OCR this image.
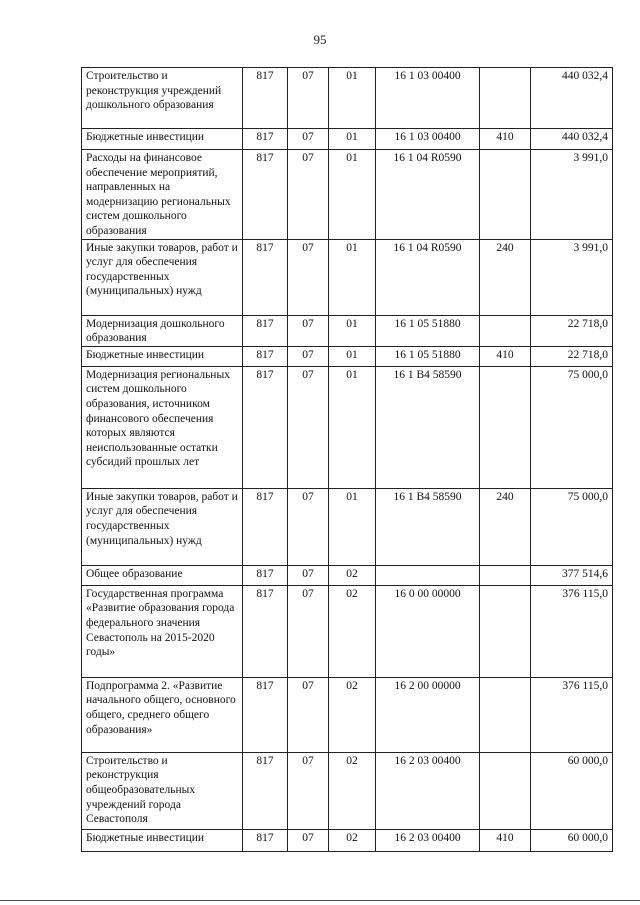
95
Строительство и реконструкция учреждений дошкольного образования	817	07	01	16 1 03 00400		440 032,4
Бюджетные инвестиции	817	07	01	16 1 03 00400	410	440 032,4
Расходы на финансовое обеспечение мероприятий, направленных на модернизацию региональных систем дошкольного образования	817	07	01	16 1 04 R0590		3 991,0
Иные закупки товаров, работ и услуг для обеспечения государственных (муниципальных) нужд	817	07	01	16 1 04 R0590	240	3 991,0
Модернизация дошкольного образования	817	07	01	16 1 05 51880		22 718,0
Бюджетные инвестиции	817	07	01	16 1 05 51880	410	22 718,0
Модернизация региональных систем дошкольного образования, источником финансового обеспечения которых являются неиспользованные остатки субсидий прошлых лет	817	07	01	16 1 В4 58590		75 000,0
Иные закупки товаров, работ и услуг для обеспечения государственных (муниципальных) нужд	817	07	01	16 1 В4 58590	240	75 000,0
Общее образование	817	07	02			377 514,6
Государственная программа «Развитие образования города федерального значения Севастополь на 2015-2020 годы»	817	07	02	16 0 00 00000		376 115,0
Подпрограмма 2. «Развитие начального общего, основного общего, среднего общего образования»	817	07	02	16 2 00 00000		376 115,0
Строительство и реконструкция общеобразовательных учреждений города Севастополя	817	07	02	16 2 03 00400		60 000,0
Бюджетные инвестиции	817	07	02	16 2 03 00400	410	60 000,0
